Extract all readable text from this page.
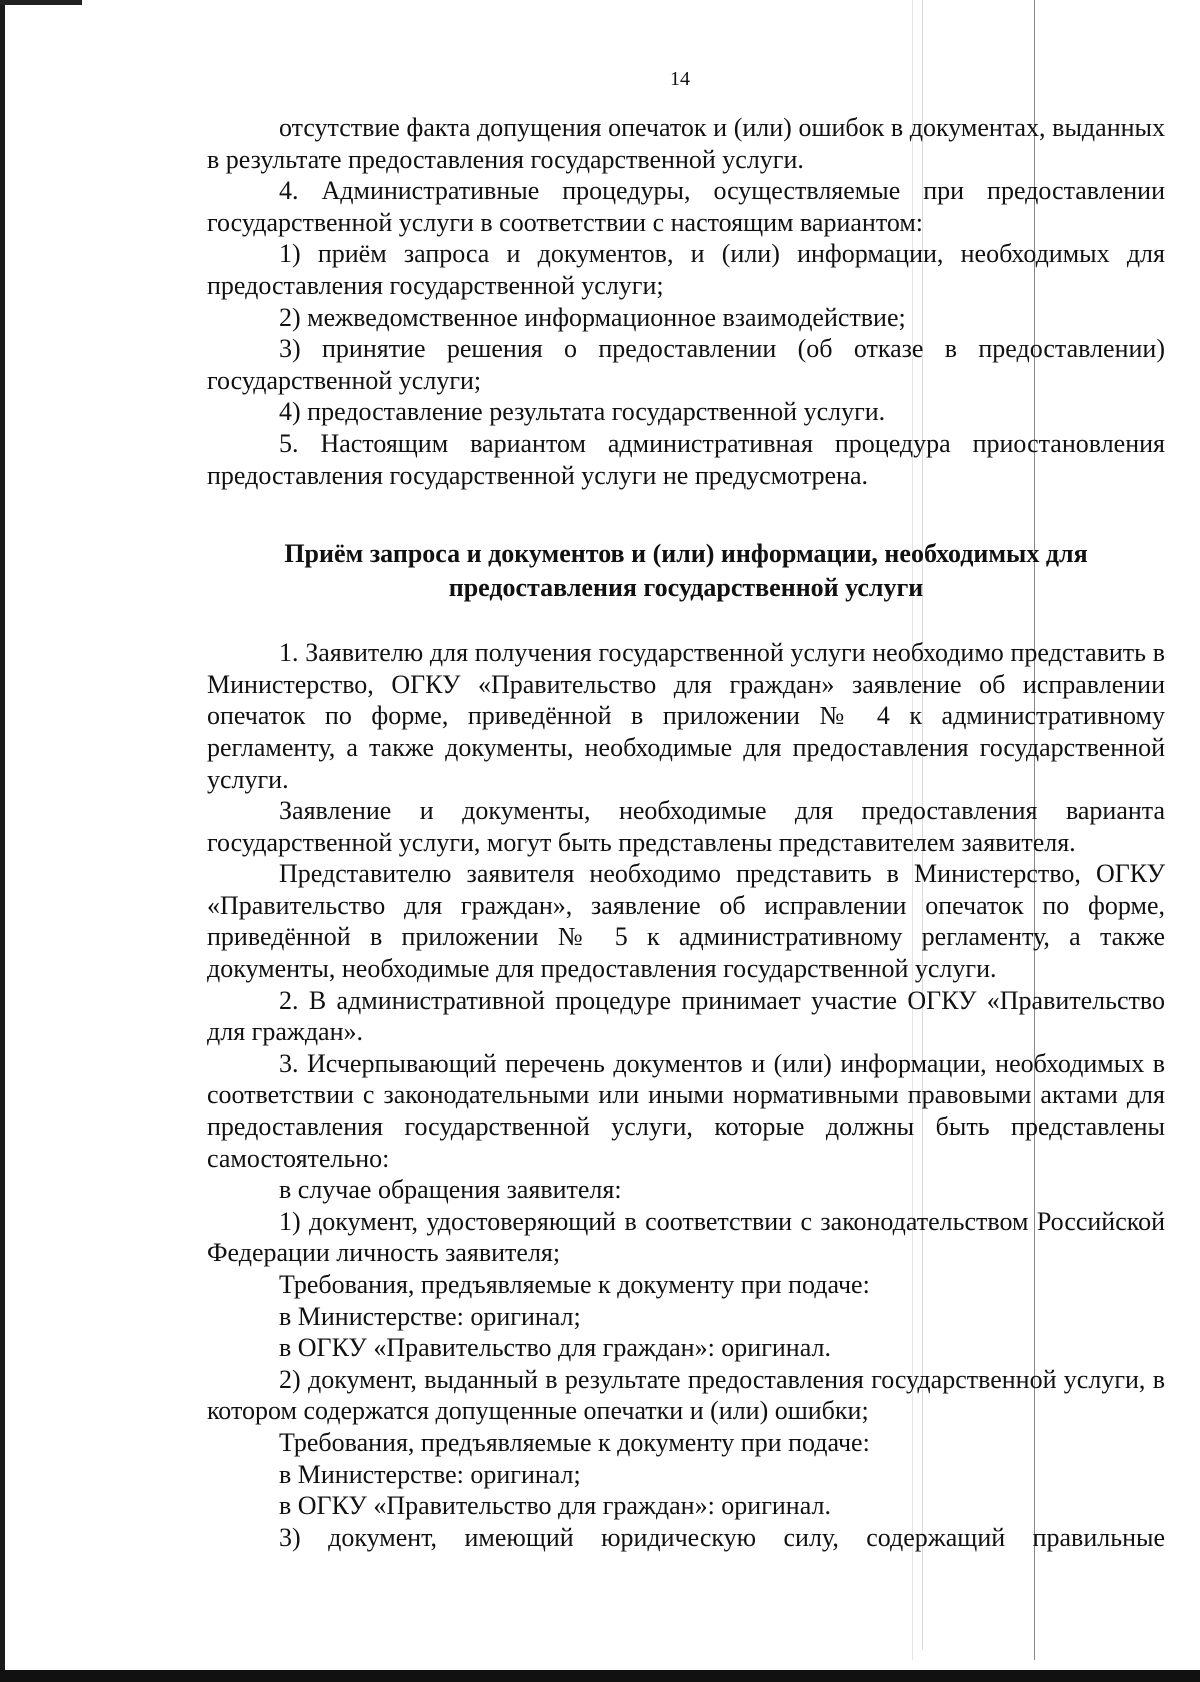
14

отсутствие факта допущения опечаток и (или) ошибок в документах, выданных в результате предоставления государственной услуги.

4. Административные процедуры, осуществляемые при предоставлении государственной услуги в соответствии с настоящим вариантом:

1) приём запроса и документов, и (или) информации, необходимых для предоставления государственной услуги;

2) межведомственное информационное взаимодействие;

3) принятие решения о предоставлении (об отказе в предоставлении) государственной услуги;

4) предоставление результата государственной услуги.

5. Настоящим вариантом административная процедура приостановления предоставления государственной услуги не предусмотрена.

Приём запроса и документов и (или) информации, необходимых для предоставления государственной услуги

1. Заявителю для получения государственной услуги необходимо представить в Министерство, ОГКУ «Правительство для граждан» заявление об исправлении опечаток по форме, приведённой в приложении № 4 к административному регламенту, а также документы, необходимые для предоставления государственной услуги.

Заявление и документы, необходимые для предоставления варианта государственной услуги, могут быть представлены представителем заявителя.

Представителю заявителя необходимо представить в Министерство, ОГКУ «Правительство для граждан», заявление об исправлении опечаток по форме, приведённой в приложении № 5 к административному регламенту, а также документы, необходимые для предоставления государственной услуги.

2. В административной процедуре принимает участие ОГКУ «Правительство для граждан».

3. Исчерпывающий перечень документов и (или) информации, необходимых в соответствии с законодательными или иными нормативными правовыми актами для предоставления государственной услуги, которые должны быть представлены самостоятельно:

в случае обращения заявителя:

1) документ, удостоверяющий в соответствии с законодательством Российской Федерации личность заявителя;

Требования, предъявляемые к документу при подаче:

в Министерстве: оригинал;

в ОГКУ «Правительство для граждан»: оригинал.

2) документ, выданный в результате предоставления государственной услуги, в котором содержатся допущенные опечатки и (или) ошибки;

Требования, предъявляемые к документу при подаче:

в Министерстве: оригинал;

в ОГКУ «Правительство для граждан»: оригинал.

3) документ, имеющий юридическую силу, содержащий правильные
